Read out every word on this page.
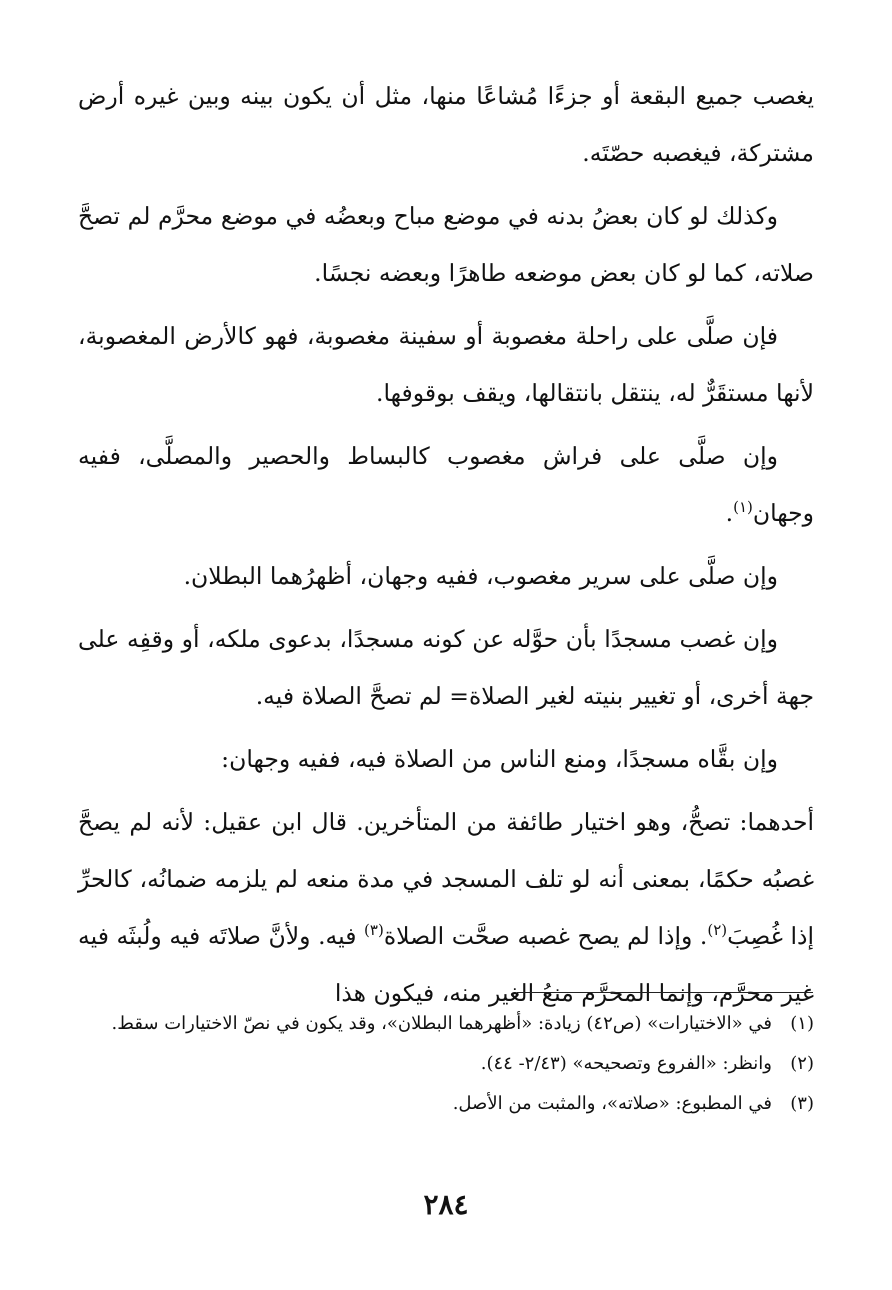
يغصب جميع البقعة أو جزءًا مُشاعًا منها، مثل أن يكون بينه وبين غيره أرض مشتركة، فيغصبه حصّتَه.

وكذلك لو كان بعضُ بدنه في موضع مباح وبعضُه في موضع محرَّم لم تصحَّ صلاته، كما لو كان بعض موضعه طاهرًا وبعضه نجسًا.

فإن صلَّى على راحلة مغصوبة أو سفينة مغصوبة، فهو كالأرض المغصوبة، لأنها مستقَرٌّ له، ينتقل بانتقالها، ويقف بوقوفها.

وإن صلَّى على فراش مغصوب كالبساط والحصير والمصلَّى، ففيه وجهان$^{(١)}$.

وإن صلَّى على سرير مغصوب، ففيه وجهان، أظهرُهما البطلان.

وإن غصب مسجدًا بأن حوَّله عن كونه مسجدًا، بدعوى ملكه، أو وقفِه على جهة أخرى، أو تغيير بنيته لغير الصلاة= لم تصحَّ الصلاة فيه.

وإن بقَّاه مسجدًا، ومنع الناس من الصلاة فيه، ففيه وجهان:

أحدهما: تصحُّ، وهو اختيار طائفة من المتأخرين. قال ابن عقيل: لأنه لم يصحَّ غصبُه حكمًا، بمعنى أنه لو تلف المسجد في مدة منعه لم يلزمه ضمانُه، كالحرِّ إذا غُصِبَ$^{(٢)}$. وإذا لم يصح غصبه صحَّت الصلاة$^{(٣)}$ فيه. ولأنَّ صلاتَه فيه ولُبثَه فيه غير محرَّم، وإنما المحرَّم منعُ الغير منه، فيكون هذا

(١)
في «الاختيارات» (ص٤٢) زيادة: «أظهرهما البطلان»، وقد يكون في نصّ الاختيارات سقط.
(٢)
وانظر: «الفروع وتصحيحه» (٢/٤٣- ٤٤).
(٣)
في المطبوع: «صلاته»، والمثبت من الأصل.
٢٨٤
